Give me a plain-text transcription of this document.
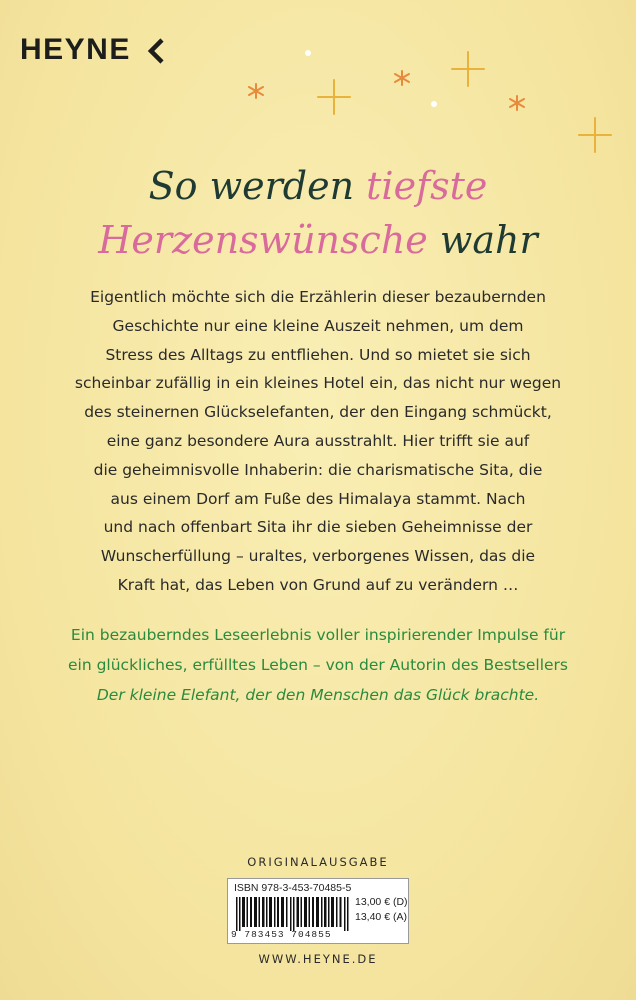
HEYNE
So werden tiefste
Herzenswünsche wahr
Eigentlich möchte sich die Erzählerin dieser bezaubernden
Geschichte nur eine kleine Auszeit nehmen, um dem
Stress des Alltags zu entfliehen. Und so mietet sie sich
scheinbar zufällig in ein kleines Hotel ein, das nicht nur wegen
des steinernen Glückselefanten, der den Eingang schmückt,
eine ganz besondere Aura ausstrahlt. Hier trifft sie auf
die geheimnisvolle Inhaberin: die charismatische Sita, die
aus einem Dorf am Fuße des Himalaya stammt. Nach
und nach offenbart Sita ihr die sieben Geheimnisse der
Wunscherfüllung – uraltes, verborgenes Wissen, das die
Kraft hat, das Leben von Grund auf zu verändern …
Ein bezauberndes Leseerlebnis voller inspirierender Impulse für
ein glückliches, erfülltes Leben – von der Autorin des Bestsellers
Der kleine Elefant, der den Menschen das Glück brachte.
ORIGINALAUSGABE
ISBN 978-3-453-70485-5
9 783453 704855
13,00 € (D)
13,40 € (A)
WWW.HEYNE.DE
